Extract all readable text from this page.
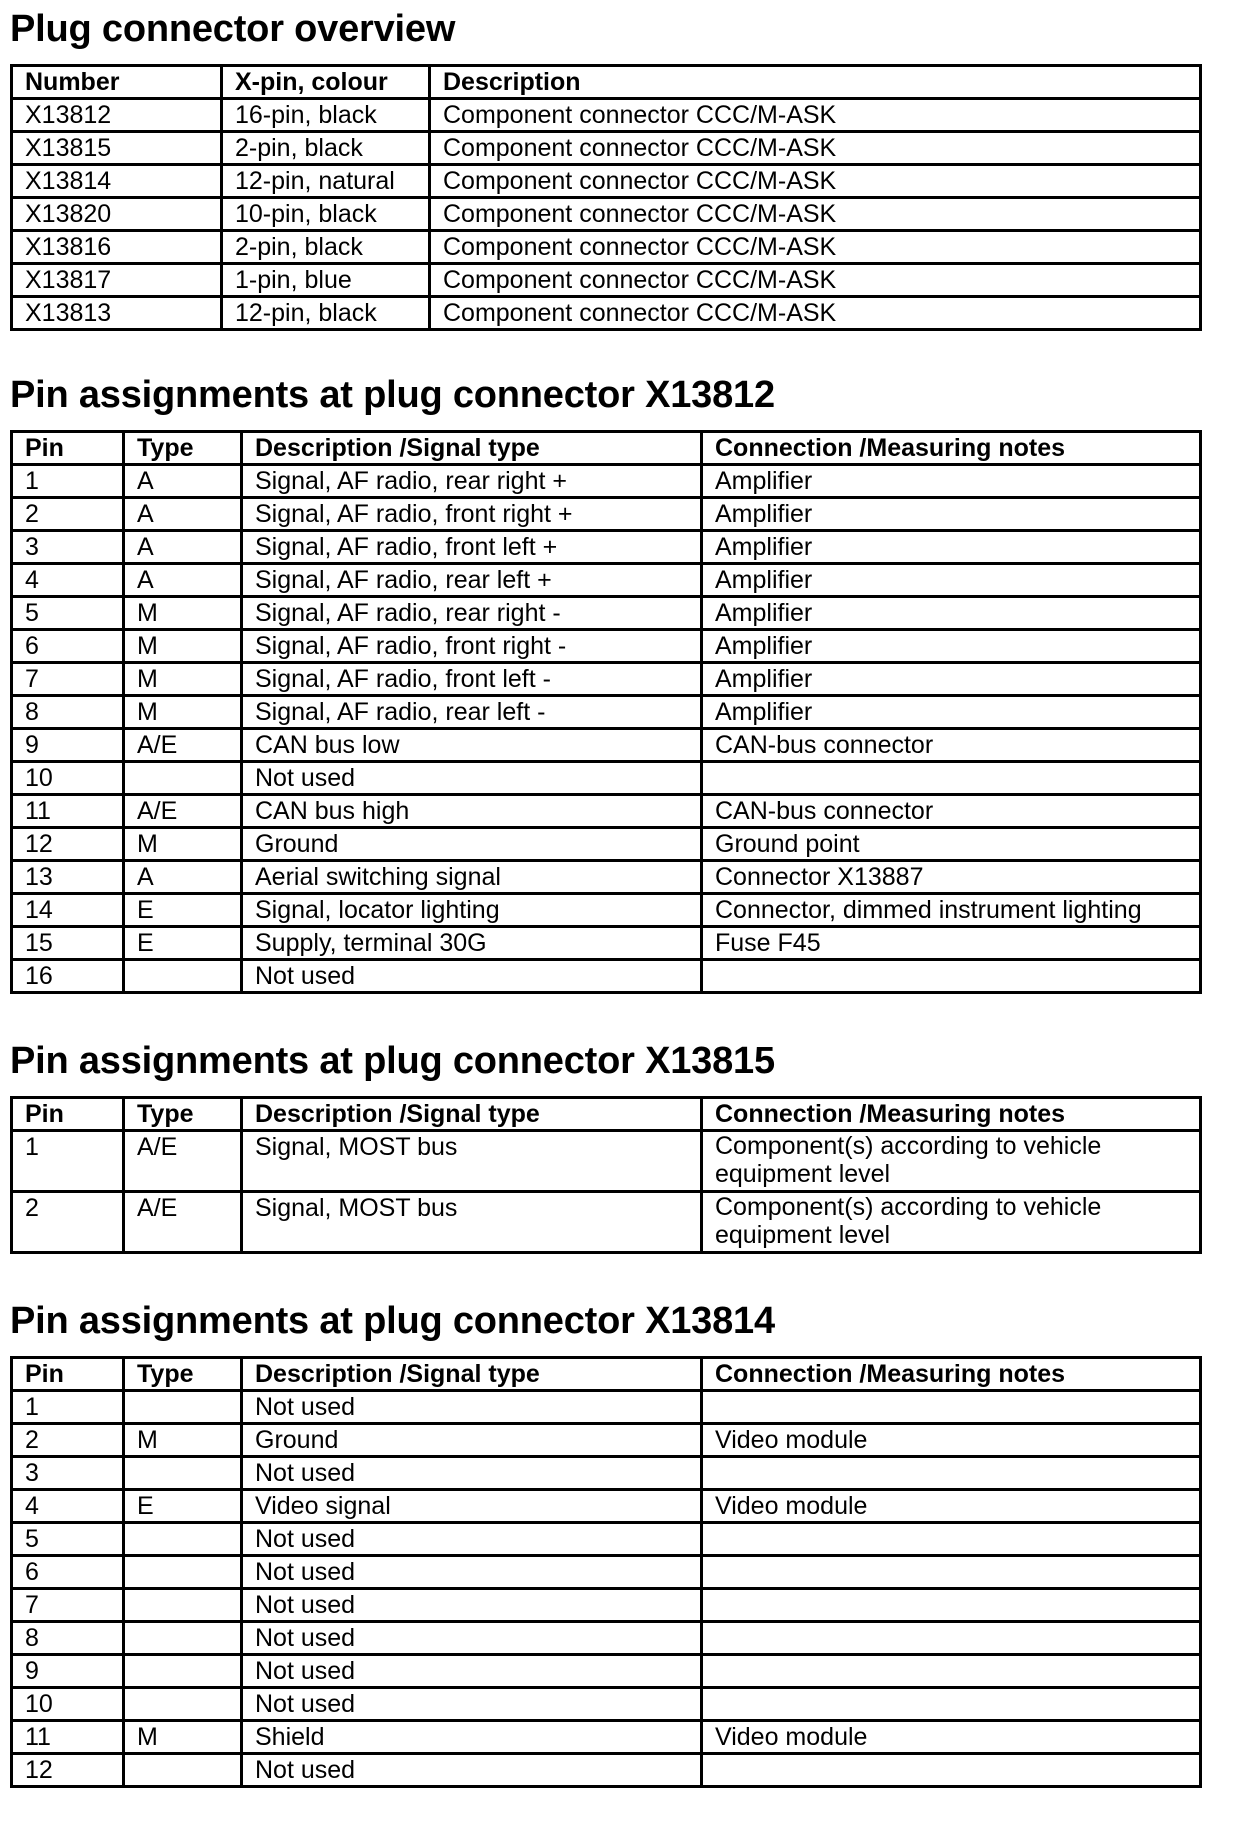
Plug connector overview
Number	X-pin, colour	Description
X13812	16-pin, black	Component connector CCC/M-ASK
X13815	2-pin, black	Component connector CCC/M-ASK
X13814	12-pin, natural	Component connector CCC/M-ASK
X13820	10-pin, black	Component connector CCC/M-ASK
X13816	2-pin, black	Component connector CCC/M-ASK
X13817	1-pin, blue	Component connector CCC/M-ASK
X13813	12-pin, black	Component connector CCC/M-ASK
Pin assignments at plug connector X13812
Pin	Type	Description /Signal type	Connection /Measuring notes
1	A	Signal, AF radio, rear right +	Amplifier
2	A	Signal, AF radio, front right +	Amplifier
3	A	Signal, AF radio, front left +	Amplifier
4	A	Signal, AF radio, rear left +	Amplifier
5	M	Signal, AF radio, rear right -	Amplifier
6	M	Signal, AF radio, front right -	Amplifier
7	M	Signal, AF radio, front left -	Amplifier
8	M	Signal, AF radio, rear left -	Amplifier
9	A/E	CAN bus low	CAN-bus connector
10		Not used	
11	A/E	CAN bus high	CAN-bus connector
12	M	Ground	Ground point
13	A	Aerial switching signal	Connector X13887
14	E	Signal, locator lighting	Connector, dimmed instrument lighting
15	E	Supply, terminal 30G	Fuse F45
16		Not used	
Pin assignments at plug connector X13815
Pin	Type	Description /Signal type	Connection /Measuring notes
1	A/E	Signal, MOST bus	Component(s) according to vehicle equipment level
2	A/E	Signal, MOST bus	Component(s) according to vehicle equipment level
Pin assignments at plug connector X13814
Pin	Type	Description /Signal type	Connection /Measuring notes
1		Not used	
2	M	Ground	Video module
3		Not used	
4	E	Video signal	Video module
5		Not used	
6		Not used	
7		Not used	
8		Not used	
9		Not used	
10		Not used	
11	M	Shield	Video module
12		Not used	
